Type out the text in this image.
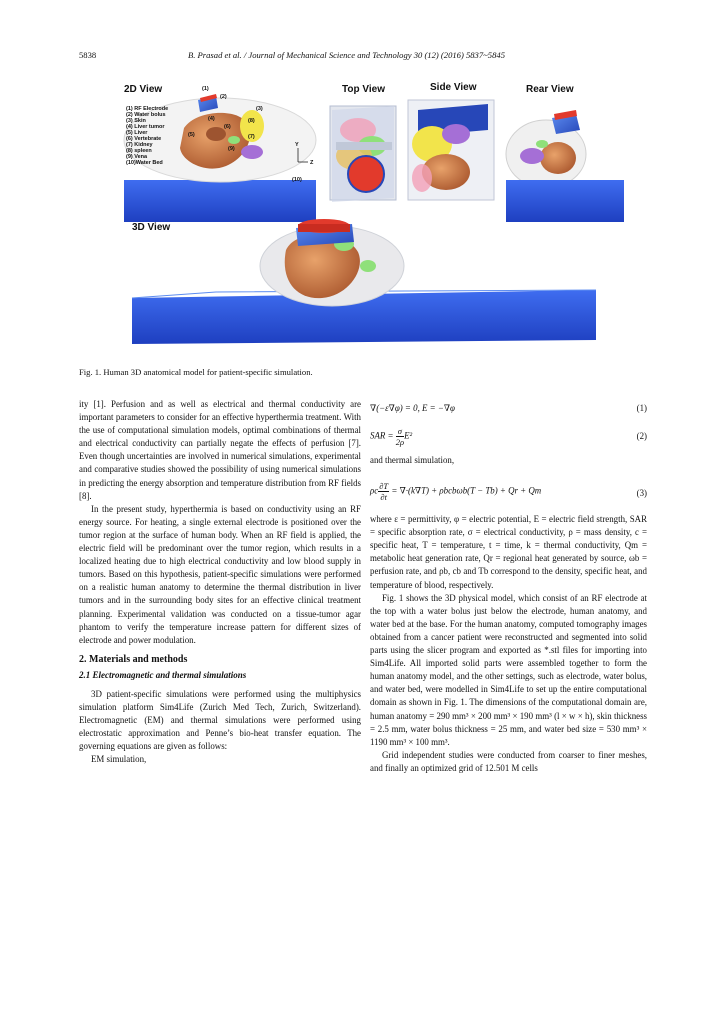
5838	B. Prasad et al. / Journal of Mechanical Science and Technology 30 (12) (2016) 5837~5845
2D View	(1)
(2)
(3)
(4)
(5)
(6)
(7)
(8)
(9)
(10)
(1) RF Electrode
(2) Water bolus
(3) Skin
(4) Liver tumor
(5) Liver
(6) Vertebrate
(7) Kidney
(8) spleen
(9) Vena
(10)Water Bed
Y
Z
Top View	Side View	Rear View
3D View
Fig. 1. Human 3D anatomical model for patient-specific simulation.

ity [1]. Perfusion and as well as electrical and thermal conductivity are important parameters to consider for an effective hyperthermia treatment. With the use of computational simulation models, optimal combinations of thermal and electrical conductivity can partially negate the effects of perfusion [7]. Even though uncertainties are involved in numerical simulations, experimental and comparative studies showed the possibility of using numerical simulations in predicting the energy absorption and temperature distribution from RF fields [8].

In the present study, hyperthermia is based on conductivity using an RF energy source. For heating, a single external electrode is positioned over the tumor region at the surface of human body. When an RF field is applied, the electric field will be predominant over the tumor region, which results in a localized heating due to high electrical conductivity and low blood supply in tumors. Based on this hypothesis, patient-specific simulations were performed on a realistic human anatomy to determine the thermal distribution in liver tumors and in the surrounding body sites for an effective clinical treatment planning. Experimental validation was conducted on a tissue-tumor agar phantom to verify the temperature increase pattern for different sizes of electrode and power modulation.

2. Materials and methods

2.1 Electromagnetic and thermal simulations

3D patient-specific simulations were performed using the multiphysics simulation platform Sim4Life (Zurich Med Tech, Zurich, Switzerland). Electromagnetic (EM) and thermal simulations were performed using electrostatic approximation and Penne’s bio-heat transfer equation. The governing equations are given as follows:

EM simulation,

∇(−ε∇φ) = 0, E = −∇φ	(1)
SAR = $\frac{\sigma}{2\rho} E^2$	(2)

and thermal simulation,

ρc $\frac{\partial T}{\partial t} = \nabla\cdot(k\nabla T) + \rho bcb\omega b(T - Tb) + Qr + Qm$	(3)

where ε = permittivity, φ = electric potential, E = electric field strength, SAR = specific absorption rate, σ = electrical conductivity, ρ = mass density, c = specific heat, T = temperature, t = time, k = thermal conductivity, Qm = metabolic heat generation rate, Qr = regional heat generated by source, ωb = perfusion rate, and ρb, cb and Tb correspond to the density, specific heat, and temperature of blood, respectively.

Fig. 1 shows the 3D physical model, which consist of an RF electrode at the top with a water bolus just below the electrode, human anatomy, and water bed at the base. For the human anatomy, computed tomography images obtained from a cancer patient were reconstructed and segmented into solid parts using the slicer program and exported as *.stl files for importing into Sim4Life. All imported solid parts were assembled together to form the human anatomy model, and the other settings, such as electrode, water bolus, and water bed, were modelled in Sim4Life to set up the entire computational domain as shown in Fig. 1. The dimensions of the computational domain are, human anatomy = 290 mm³ × 200 mm³ × 190 mm³ (l × w × h), skin thickness = 2.5 mm, water bolus thickness = 25 mm, and water bed size = 530 mm³ × 1190 mm³ × 100 mm³.

Grid independent studies were conducted from coarser to finer meshes, and finally an optimized grid of 12.501 M cells
